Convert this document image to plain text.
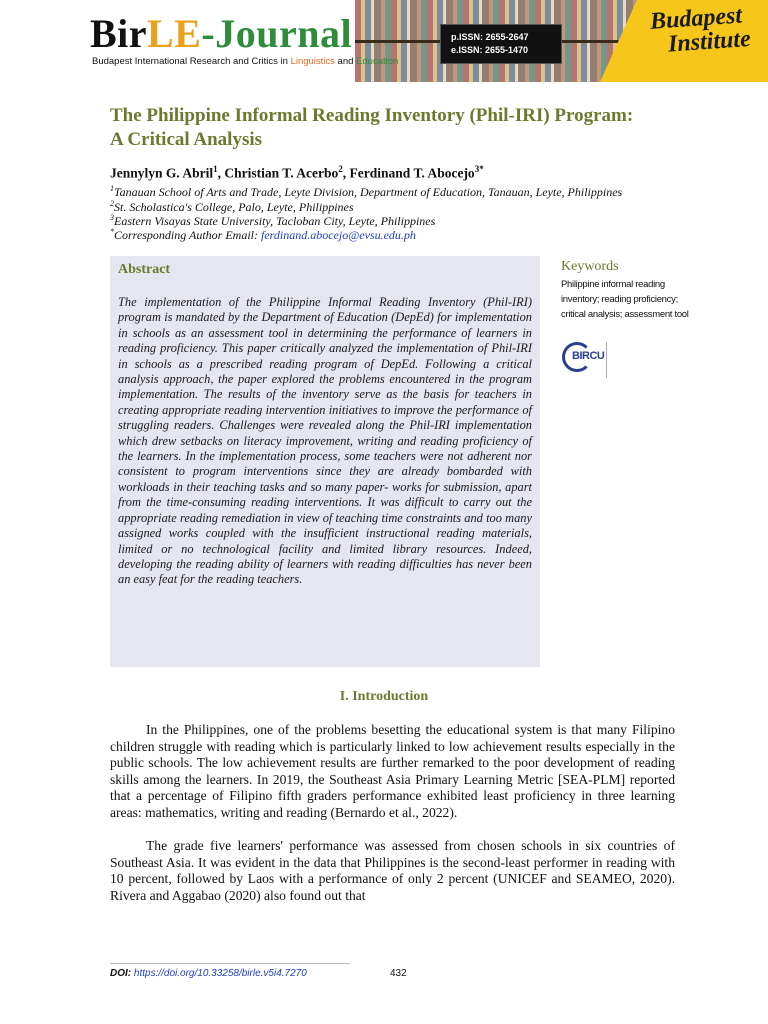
BirLE-Journal
Budapest International Research and Critics in Linguistics and Education
p.ISSN: 2655-2647
e.ISSN: 2655-1470
Budapest
Institute
The Philippine Informal Reading Inventory (Phil-IRI) Program:
A Critical Analysis
Jennylyn G. Abril$^1$, Christian T. Acerbo$^2$, Ferdinand T. Abocejo$^{3*}$
$^1$Tanauan School of Arts and Trade, Leyte Division, Department of Education, Tanauan, Leyte, Philippines
$^2$St. Scholastica's College, Palo, Leyte, Philippines
$^3$Eastern Visayas State University, Tacloban City, Leyte, Philippines
*Corresponding Author Email: ferdinand.abocejo@evsu.edu.ph
Abstract

The implementation of the Philippine Informal Reading Inventory (Phil-IRI) program is mandated by the Department of Education (DepEd) for implementation in schools as an assessment tool in determining the performance of learners in reading proficiency. This paper critically analyzed the implementation of Phil-IRI in schools as a prescribed reading program of DepEd. Following a critical analysis approach, the paper explored the problems encountered in the program implementation. The results of the inventory serve as the basis for teachers in creating appropriate reading intervention initiatives to improve the performance of struggling readers. Challenges were revealed along the Phil-IRI implementation which drew setbacks on literacy improvement, writing and reading proficiency of the learners. In the implementation process, some teachers were not adherent nor consistent to program interventions since they are already bombarded with workloads in their teaching tasks and so many paper- works for submission, apart from the time-consuming reading interventions. It was difficult to carry out the appropriate reading remediation in view of teaching time constraints and too many assigned works coupled with the insufficient instructional reading materials, limited or no technological facility and limited library resources. Indeed, developing the reading ability of learners with reading difficulties has never been an easy feat for the reading teachers.

Keywords
Philippine informal reading inventory; reading proficiency; critical analysis; assessment tool
BIRCU
I. Introduction

In the Philippines, one of the problems besetting the educational system is that many Filipino children struggle with reading which is particularly linked to low achievement results especially in the public schools. The low achievement results are further remarked to the poor development of reading skills among the learners. In 2019, the Southeast Asia Primary Learning Metric [SEA-PLM] reported that a percentage of Filipino fifth graders performance exhibited least proficiency in three learning areas: mathematics, writing and reading (Bernardo et al., 2022).

The grade five learners' performance was assessed from chosen schools in six countries of Southeast Asia. It was evident in the data that Philippines is the second-least performer in reading with 10 percent, followed by Laos with a performance of only 2 percent (UNICEF and SEAMEO, 2020). Rivera and Aggabao (2020) also found out that

DOI: https://doi.org/10.33258/birle.v5i4.7270	432
